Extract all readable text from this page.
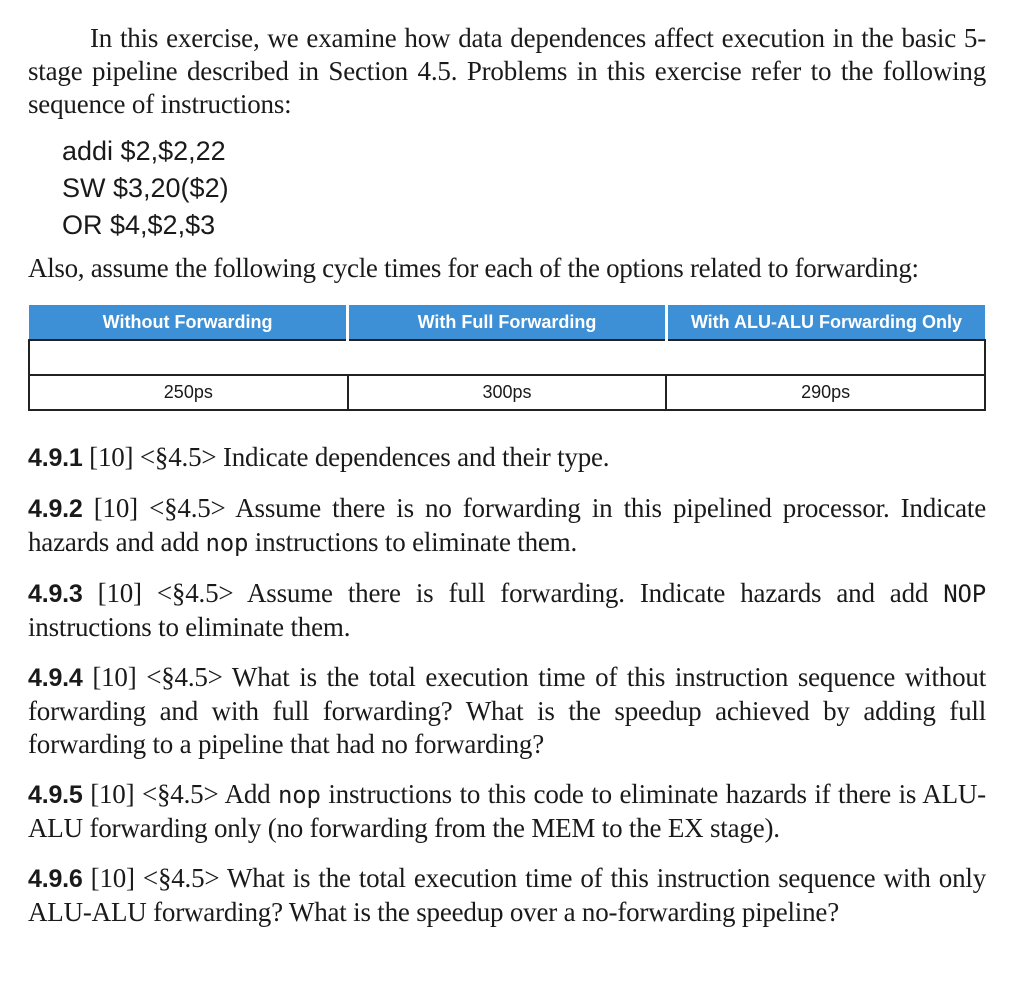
In this exercise, we examine how data dependences affect execution in the basic 5-stage pipeline described in Section 4.5. Problems in this exercise refer to the following sequence of instructions:

addi $2,$2,22
SW $3,20($2)
OR $4,$2,$3

Also, assume the following cycle times for each of the options related to forwarding:

Without Forwarding	With Full Forwarding	With ALU-ALU Forwarding Only

250ps	300ps	290ps

4.9.1 [10] <§4.5> Indicate dependences and their type.

4.9.2 [10] <§4.5> Assume there is no forwarding in this pipelined processor. Indicate hazards and add nop instructions to eliminate them.

4.9.3 [10] <§4.5> Assume there is full forwarding. Indicate hazards and add NOP instructions to eliminate them.

4.9.4 [10] <§4.5> What is the total execution time of this instruction sequence without forwarding and with full forwarding? What is the speedup achieved by adding full forwarding to a pipeline that had no forwarding?

4.9.5 [10] <§4.5> Add nop instructions to this code to eliminate hazards if there is ALU-ALU forwarding only (no forwarding from the MEM to the EX stage).

4.9.6 [10] <§4.5> What is the total execution time of this instruction sequence with only ALU-ALU forwarding? What is the speedup over a no-forwarding pipeline?
